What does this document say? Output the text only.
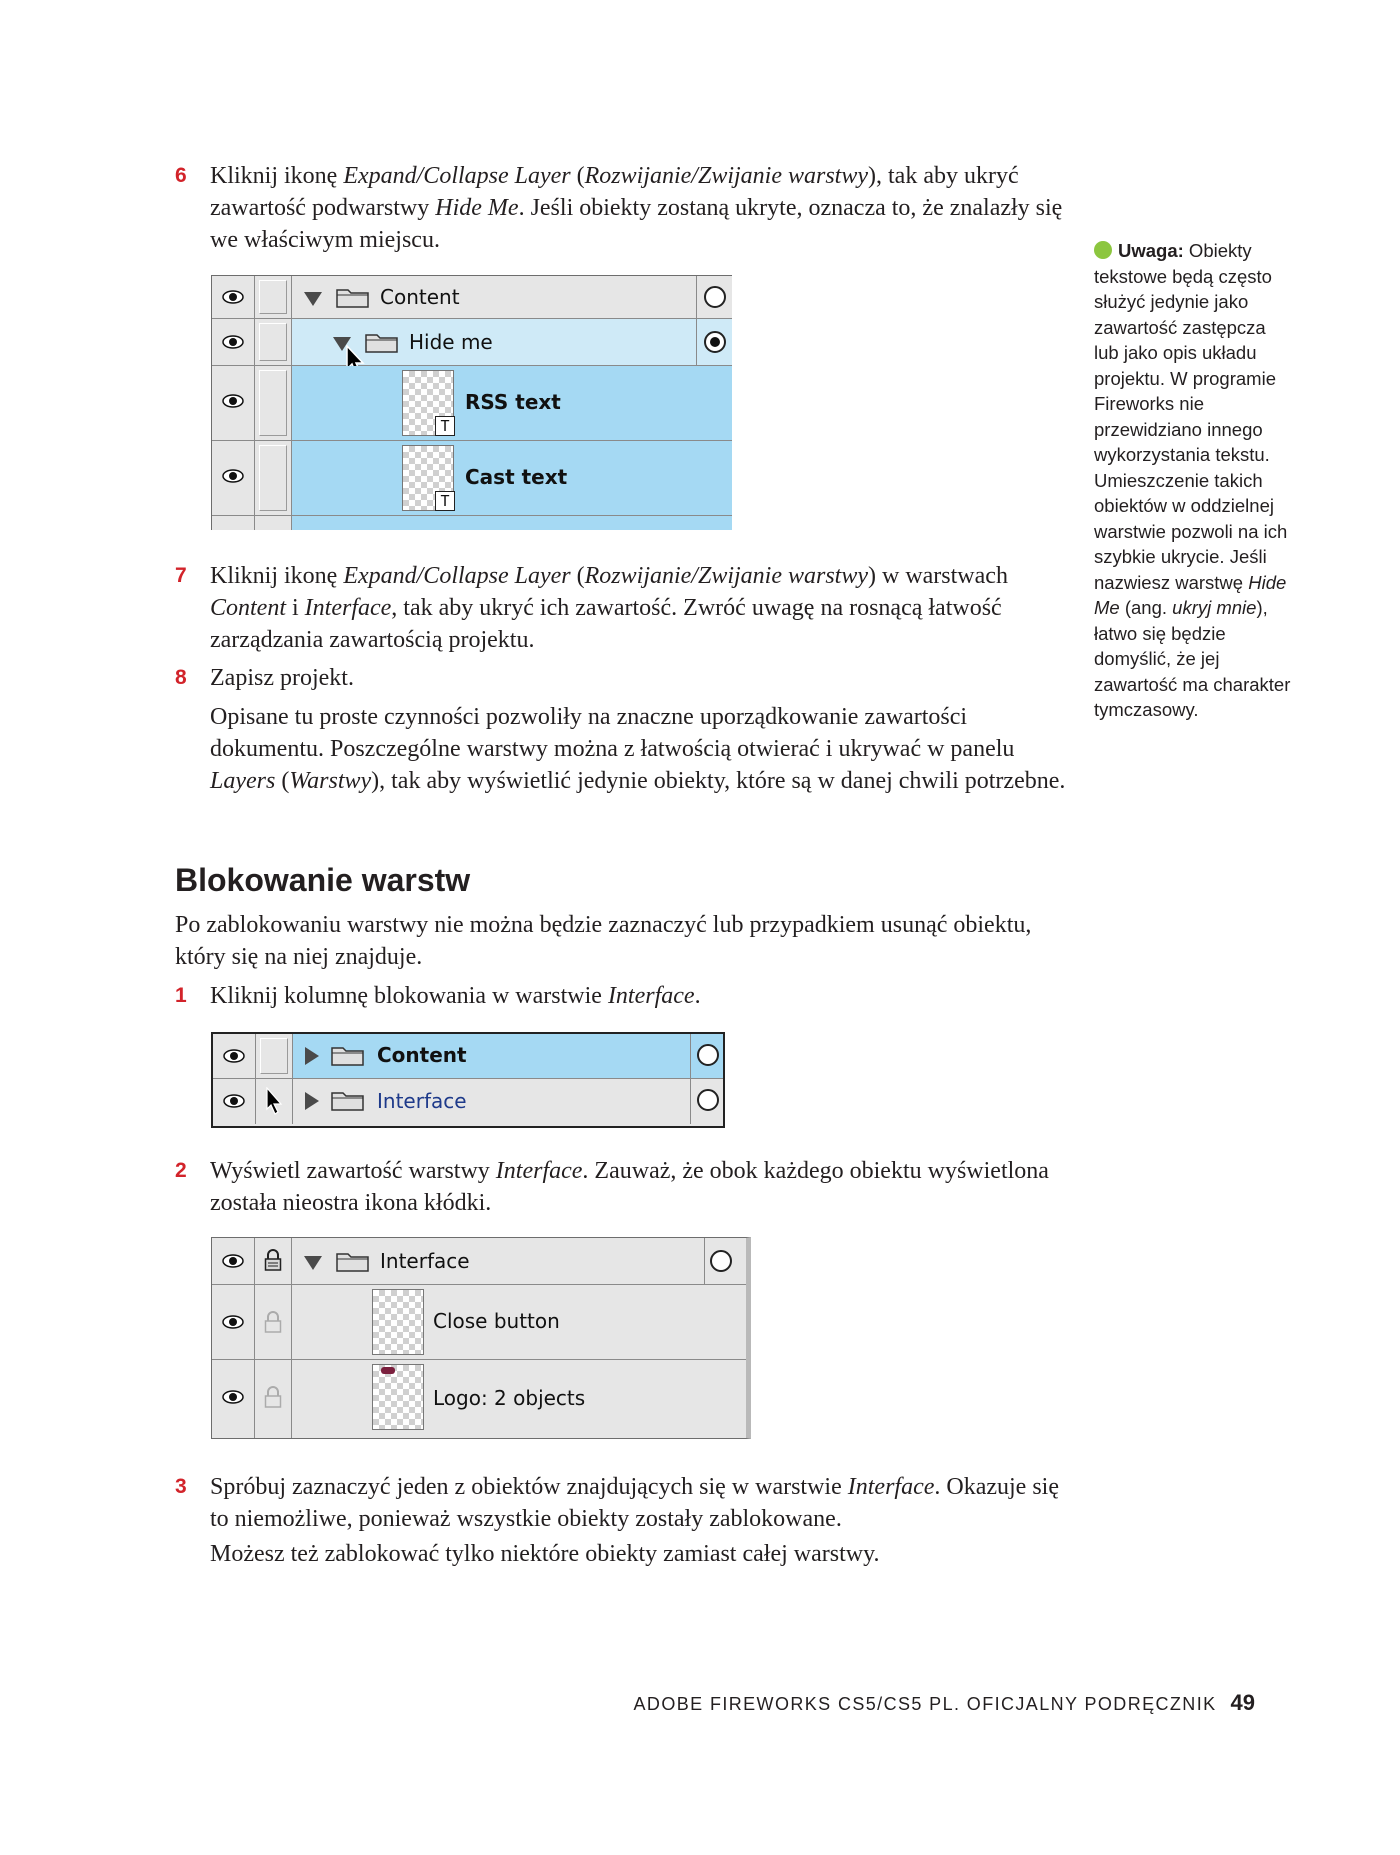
6 Kliknij ikonę Expand/Collapse Layer (Rozwijanie/Zwijanie warstwy), tak aby ukryć zawartość podwarstwy Hide Me. Jeśli obiekty zostaną ukryte, oznacza to, że znalazły się we właściwym miejscu.
Content
Hide me
T
RSS text
T
Cast text
7 Kliknij ikonę Expand/Collapse Layer (Rozwijanie/Zwijanie warstwy) w warstwach Content i Interface, tak aby ukryć ich zawartość. Zwróć uwagę na rosnącą łatwość zarządzania zawartością projektu.
8 Zapisz projekt.
Opisane tu proste czynności pozwoliły na znaczne uporządkowanie zawartości dokumentu. Poszczególne warstwy można z łatwością otwierać i ukrywać w panelu Layers (Warstwy), tak aby wyświetlić jedynie obiekty, które są w danej chwili potrzebne.
Blokowanie warstw
Po zablokowaniu warstwy nie można będzie zaznaczyć lub przypadkiem usunąć obiektu, który się na niej znajduje.
1 Kliknij kolumnę blokowania w warstwie Interface.
Content
Interface
2 Wyświetl zawartość warstwy Interface. Zauważ, że obok każdego obiektu wyświetlona została nieostra ikona kłódki.
Interface
Close button
Logo: 2 objects
3 Spróbuj zaznaczyć jeden z obiektów znajdujących się w warstwie Interface. Okazuje się to niemożliwe, ponieważ wszystkie obiekty zostały zablokowane.
Możesz też zablokować tylko niektóre obiekty zamiast całej warstwy.
Uwaga: Obiekty tekstowe będą często służyć jedynie jako zawartość zastępcza lub jako opis układu projektu. W programie Fireworks nie przewidziano innego wykorzystania tekstu. Umieszczenie takich obiektów w oddzielnej warstwie pozwoli na ich szybkie ukrycie. Jeśli nazwiesz warstwę Hide Me (ang. ukryj mnie), łatwo się będzie domyślić, że jej zawartość ma charakter tymczasowy.
ADOBE FIREWORKS CS5/CS5 PL. OFICJALNY PODRĘCZNIK 49
